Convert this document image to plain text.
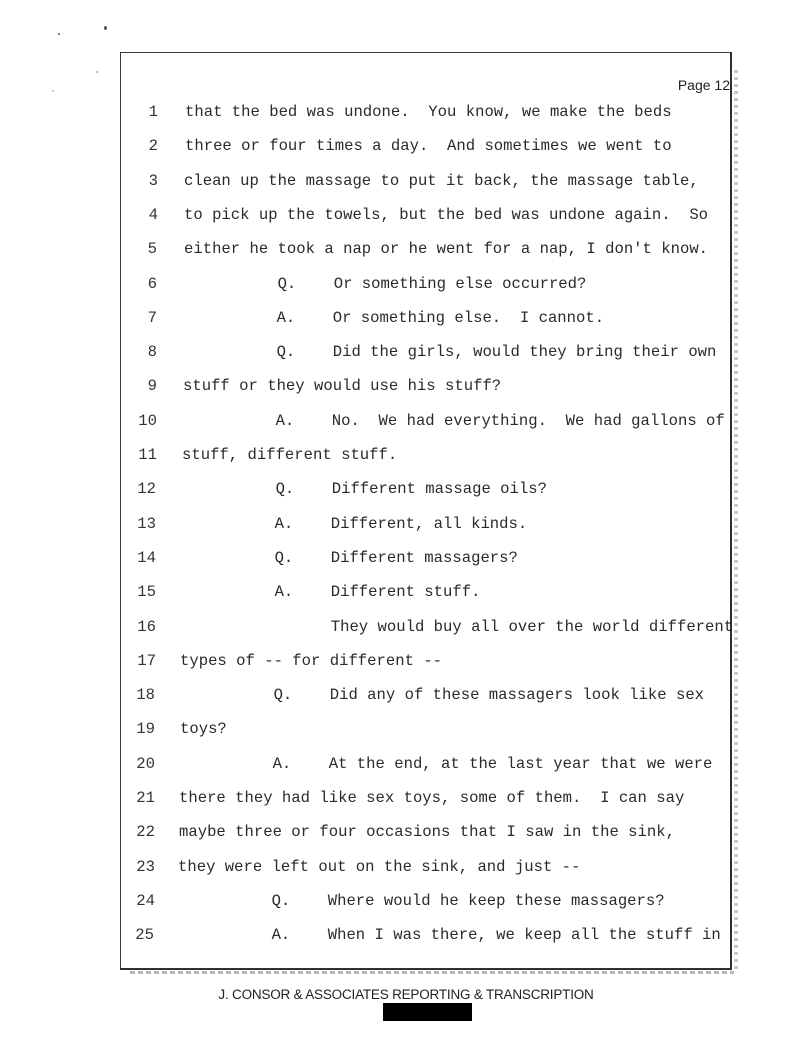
Page 12
1 that the bed was undone.  You know, we make the beds
2 three or four times a day.  And sometimes we went to
3 clean up the massage to put it back, the massage table,
4 to pick up the towels, but the bed was undone again.  So
5 either he took a nap or he went for a nap, I don't know.
6 Q.    Or something else occurred?
7 A.    Or something else.  I cannot.
8 Q.    Did the girls, would they bring their own
9 stuff or they would use his stuff?
10 A.    No.  We had everything.  We had gallons of
11 stuff, different stuff.
12 Q.    Different massage oils?
13 A.    Different, all kinds.
14 Q.    Different massagers?
15 A.    Different stuff.
16 They would buy all over the world different
17 types of -- for different --
18 Q.    Did any of these massagers look like sex
19 toys?
20 A.    At the end, at the last year that we were
21 there they had like sex toys, some of them.  I can say
22 maybe three or four occasions that I saw in the sink,
23 they were left out on the sink, and just --
24 Q.    Where would he keep these massagers?
25 A.    When I was there, we keep all the stuff in
J. CONSOR & ASSOCIATES REPORTING & TRANSCRIPTION
